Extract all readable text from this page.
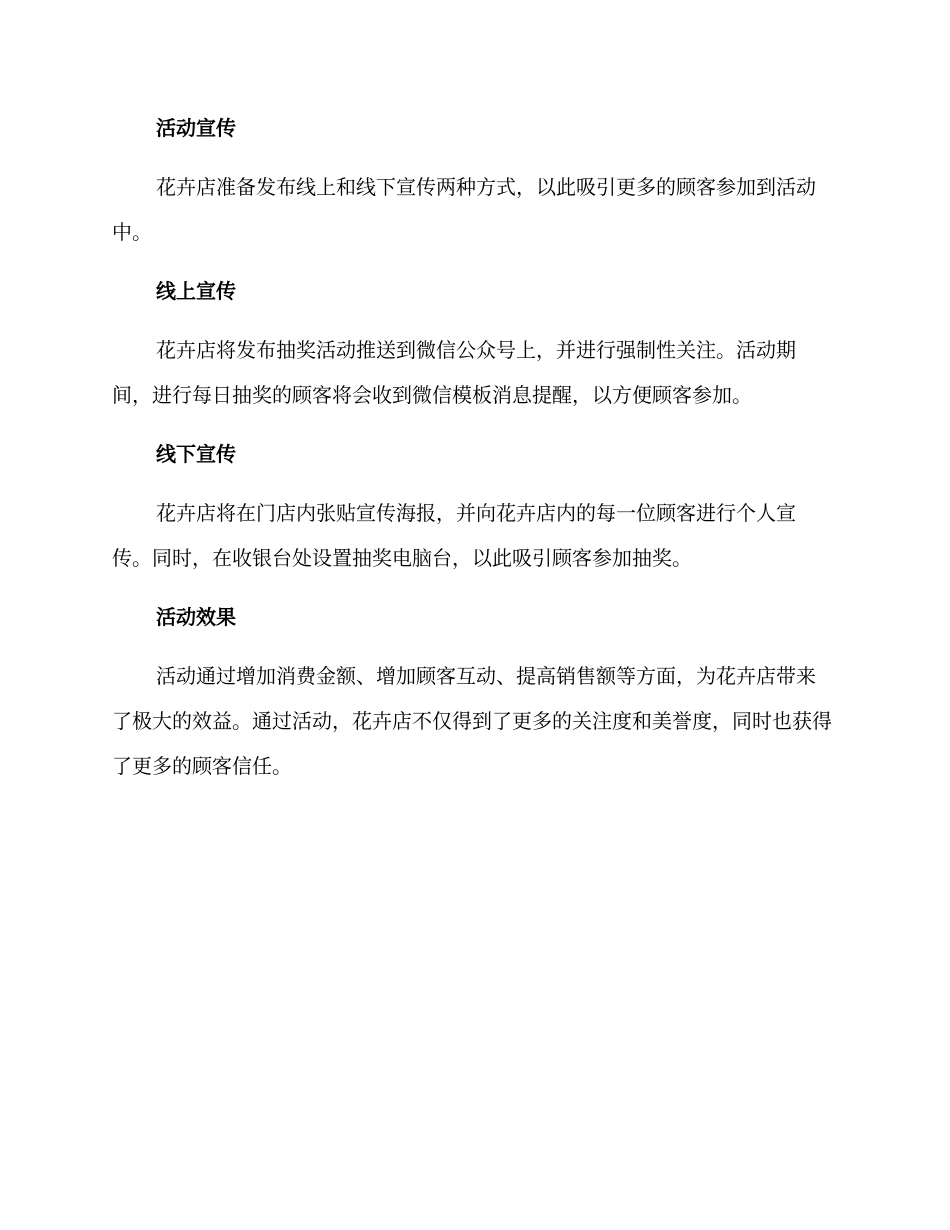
活动宣传

花卉店准备发布线上和线下宣传两种方式，以此吸引更多的顾客参加到活动中。

线上宣传

花卉店将发布抽奖活动推送到微信公众号上，并进行强制性关注。活动期间，进行每日抽奖的顾客将会收到微信模板消息提醒，以方便顾客参加。

线下宣传

花卉店将在门店内张贴宣传海报，并向花卉店内的每一位顾客进行个人宣传。同时，在收银台处设置抽奖电脑台，以此吸引顾客参加抽奖。

活动效果

活动通过增加消费金额、增加顾客互动、提高销售额等方面，为花卉店带来了极大的效益。通过活动，花卉店不仅得到了更多的关注度和美誉度，同时也获得了更多的顾客信任。
